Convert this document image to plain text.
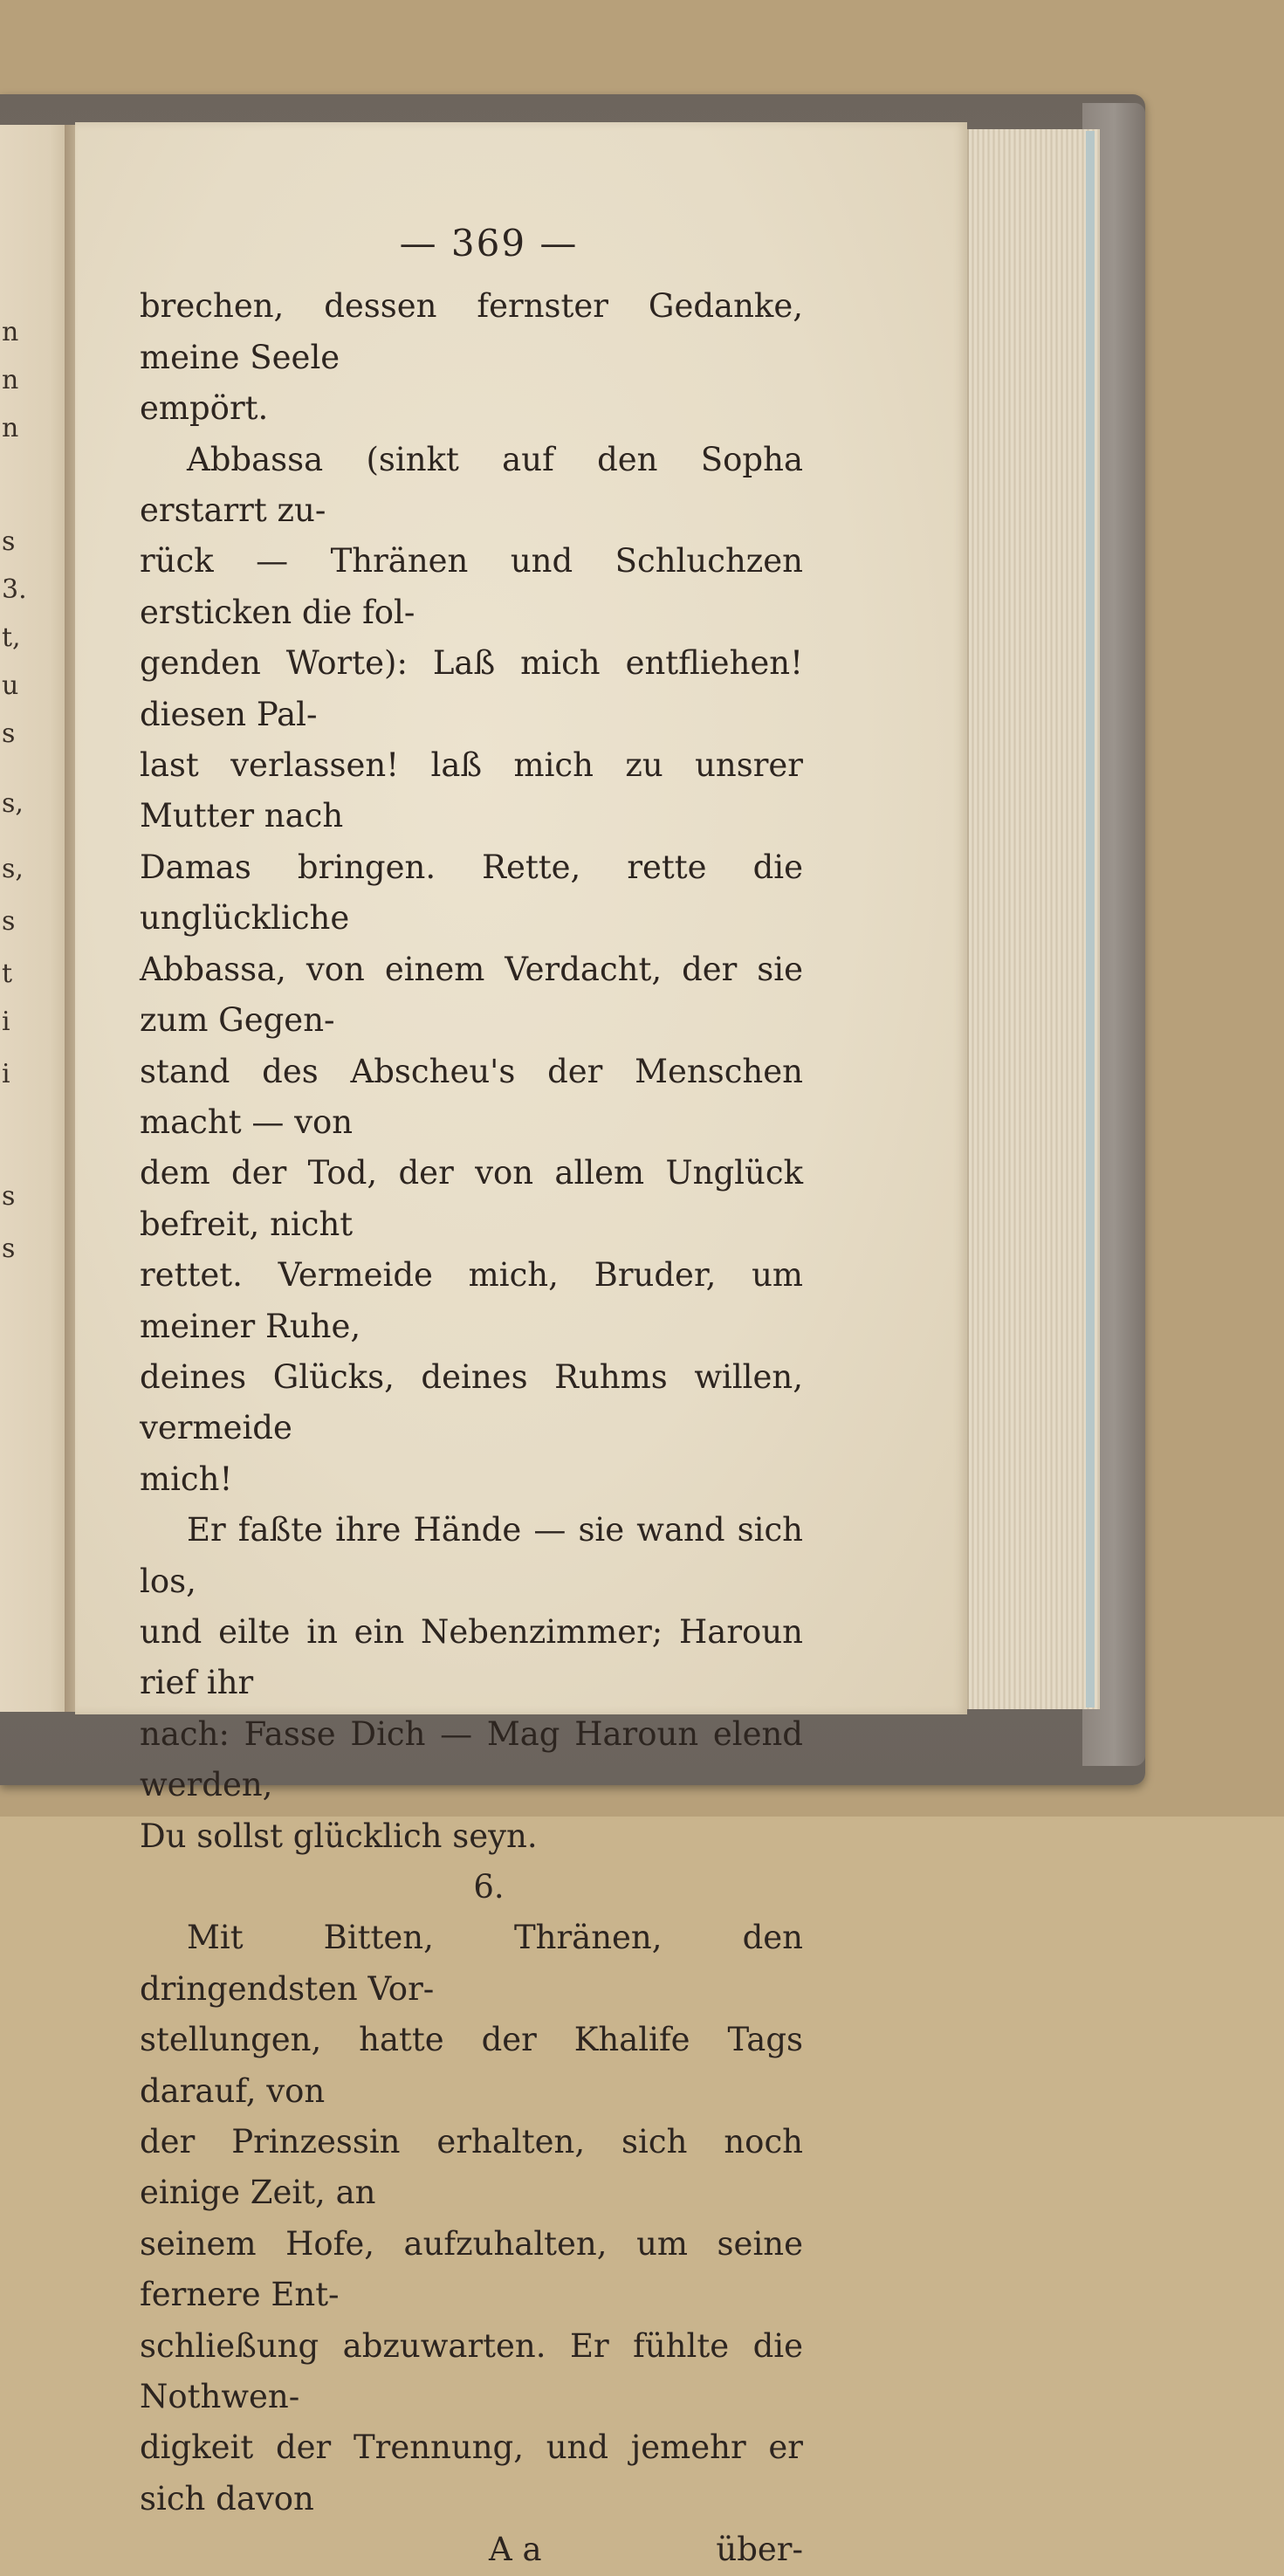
n
n
n
s
3.
t,
u
s
s,
s,
s
t
i
i
s
s
— 369 —

brechen, dessen fernster Gedanke, meine Seele
empört.

Abbassa (sinkt auf den Sopha erstarrt zu-
rück — Thränen und Schluchzen ersticken die fol-
genden Worte): Laß mich entfliehen! diesen Pal-
last verlassen! laß mich zu unsrer Mutter nach
Damas bringen. Rette, rette die unglückliche
Abbassa, von einem Verdacht, der sie zum Gegen-
stand des Abscheu's der Menschen macht — von
dem der Tod, der von allem Unglück befreit, nicht
rettet. Vermeide mich, Bruder, um meiner Ruhe,
deines Glücks, deines Ruhms willen, vermeide
mich!

Er faßte ihre Hände — sie wand sich los,
und eilte in ein Nebenzimmer; Haroun rief ihr
nach: Fasse Dich — Mag Haroun elend werden,
Du sollst glücklich seyn.

6.

Mit Bitten, Thränen, den dringendsten Vor-
stellungen, hatte der Khalife Tags darauf, von
der Prinzessin erhalten, sich noch einige Zeit, an
seinem Hofe, aufzuhalten, um seine fernere Ent-
schließung abzuwarten. Er fühlte die Nothwen-
digkeit der Trennung, und jemehr er sich davon

A a	über-
